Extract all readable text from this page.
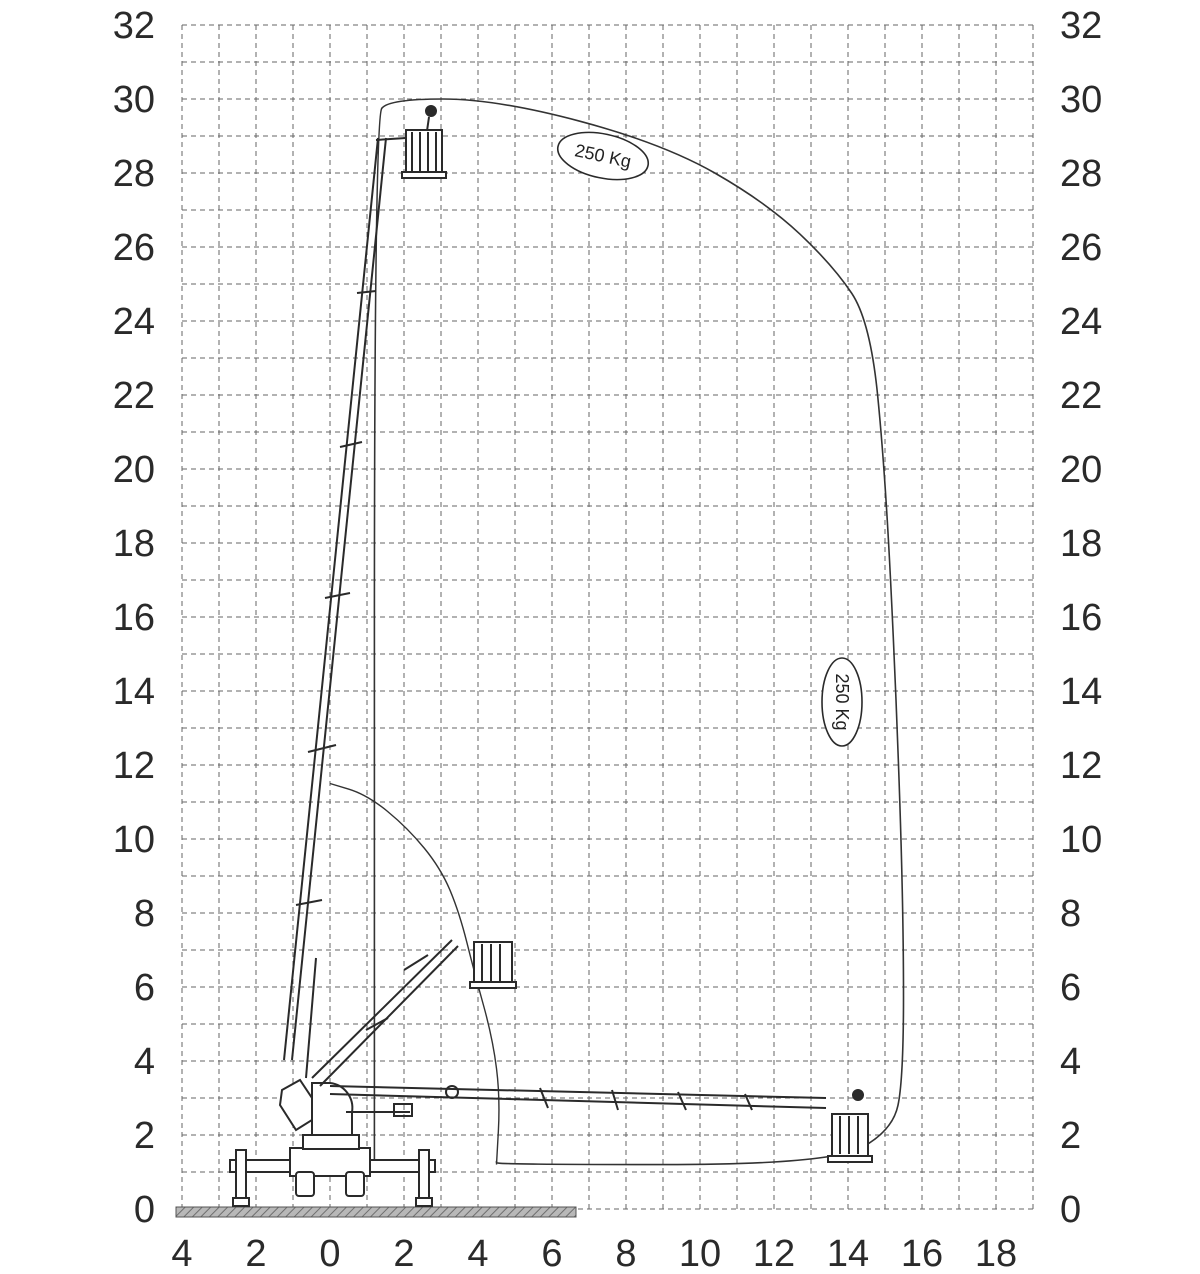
32
30
28
26
24
22
20
18
16
14
12
10
8
6
4
2
0
32
30
28
26
24
22
20
18
16
14
12
10
8
6
4
2
0
4 2 0 2 4 6 8 10 12 14 16 18
250 Kg
250 Kg
